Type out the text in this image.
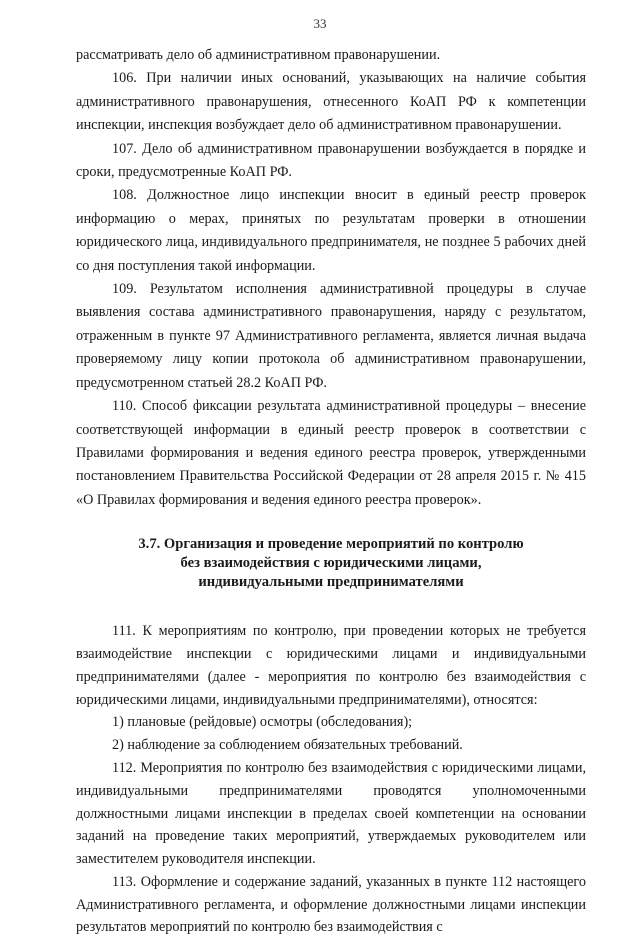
33

рассматривать дело об административном правонарушении.

106. При наличии иных оснований, указывающих на наличие события административного правонарушения, отнесенного КоАП РФ к компетенции инспекции, инспекция возбуждает дело об административном правонарушении.

107. Дело об административном правонарушении возбуждается в порядке и сроки, предусмотренные КоАП РФ.

108. Должностное лицо инспекции вносит в единый реестр проверок информацию о мерах, принятых по результатам проверки в отношении юридического лица, индивидуального предпринимателя, не позднее 5 рабочих дней со дня поступления такой информации.

109. Результатом исполнения административной процедуры в случае выявления состава административного правонарушения, наряду с результатом, отраженным в пункте 97 Административного регламента, является личная выдача проверяемому лицу копии протокола об административном правонарушении, предусмотренном статьей 28.2 КоАП РФ.

110. Способ фиксации результата административной процедуры – внесение соответствующей информации в единый реестр проверок в соответствии с Правилами формирования и ведения единого реестра проверок, утвержденными постановлением Правительства Российской Федерации от 28 апреля 2015 г. № 415 «О Правилах формирования и ведения единого реестра проверок».

3.7. Организация и проведение мероприятий по контролю
без взаимодействия с юридическими лицами,
индивидуальными предпринимателями

111. К мероприятиям по контролю, при проведении которых не требуется взаимодействие инспекции с юридическими лицами и индивидуальными предпринимателями (далее - мероприятия по контролю без взаимодействия с юридическими лицами, индивидуальными предпринимателями), относятся:

1) плановые (рейдовые) осмотры (обследования);

2) наблюдение за соблюдением обязательных требований.

112. Мероприятия по контролю без взаимодействия с юридическими лицами, индивидуальными предпринимателями проводятся уполномоченными должностными лицами инспекции в пределах своей компетенции на основании заданий на проведение таких мероприятий, утверждаемых руководителем или заместителем руководителя инспекции.

113. Оформление и содержание заданий, указанных в пункте 112 настоящего Административного регламента, и оформление должностными лицами инспекции результатов мероприятий по контролю без взаимодействия с
